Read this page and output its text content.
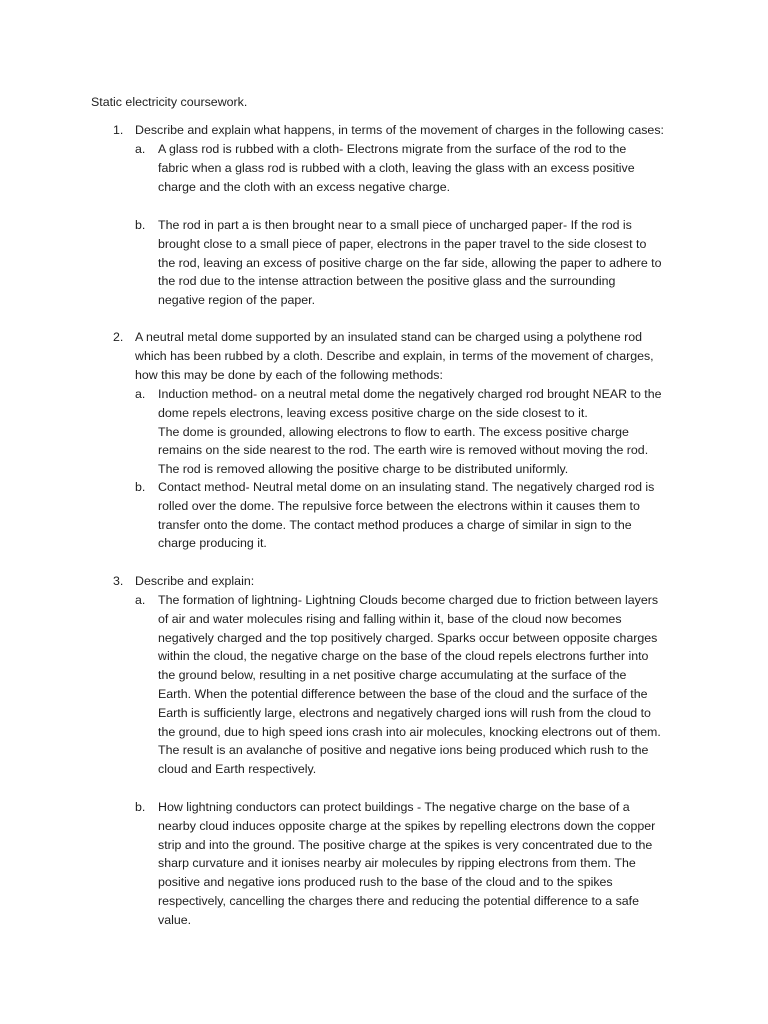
Static electricity coursework.
1. Describe and explain what happens, in terms of the movement of charges in the following cases:
a. A glass rod is rubbed with a cloth- Electrons migrate from the surface of the rod to the
fabric when a glass rod is rubbed with a cloth, leaving the glass with an excess positive
charge and the cloth with an excess negative charge.
b. The rod in part a is then brought near to a small piece of uncharged paper- If the rod is
brought close to a small piece of paper, electrons in the paper travel to the side closest to
the rod, leaving an excess of positive charge on the far side, allowing the paper to adhere to
the rod due to the intense attraction between the positive glass and the surrounding
negative region of the paper.
2. A neutral metal dome supported by an insulated stand can be charged using a polythene rod
which has been rubbed by a cloth. Describe and explain, in terms of the movement of charges,
how this may be done by each of the following methods:
a. Induction method- on a neutral metal dome the negatively charged rod brought NEAR to the
dome repels electrons, leaving excess positive charge on the side closest to it.
The dome is grounded, allowing electrons to flow to earth. The excess positive charge
remains on the side nearest to the rod. The earth wire is removed without moving the rod.
The rod is removed allowing the positive charge to be distributed uniformly.
b. Contact method- Neutral metal dome on an insulating stand. The negatively charged rod is
rolled over the dome. The repulsive force between the electrons within it causes them to
transfer onto the dome. The contact method produces a charge of similar in sign to the
charge producing it.
3. Describe and explain:
a. The formation of lightning- Lightning Clouds become charged due to friction between layers
of air and water molecules rising and falling within it, base of the cloud now becomes
negatively charged and the top positively charged. Sparks occur between opposite charges
within the cloud, the negative charge on the base of the cloud repels electrons further into
the ground below, resulting in a net positive charge accumulating at the surface of the
Earth. When the potential difference between the base of the cloud and the surface of the
Earth is sufficiently large, electrons and negatively charged ions will rush from the cloud to
the ground, due to high speed ions crash into air molecules, knocking electrons out of them.
The result is an avalanche of positive and negative ions being produced which rush to the
cloud and Earth respectively.
b. How lightning conductors can protect buildings - The negative charge on the base of a
nearby cloud induces opposite charge at the spikes by repelling electrons down the copper
strip and into the ground. The positive charge at the spikes is very concentrated due to the
sharp curvature and it ionises nearby air molecules by ripping electrons from them. The
positive and negative ions produced rush to the base of the cloud and to the spikes
respectively, cancelling the charges there and reducing the potential difference to a safe
value.
